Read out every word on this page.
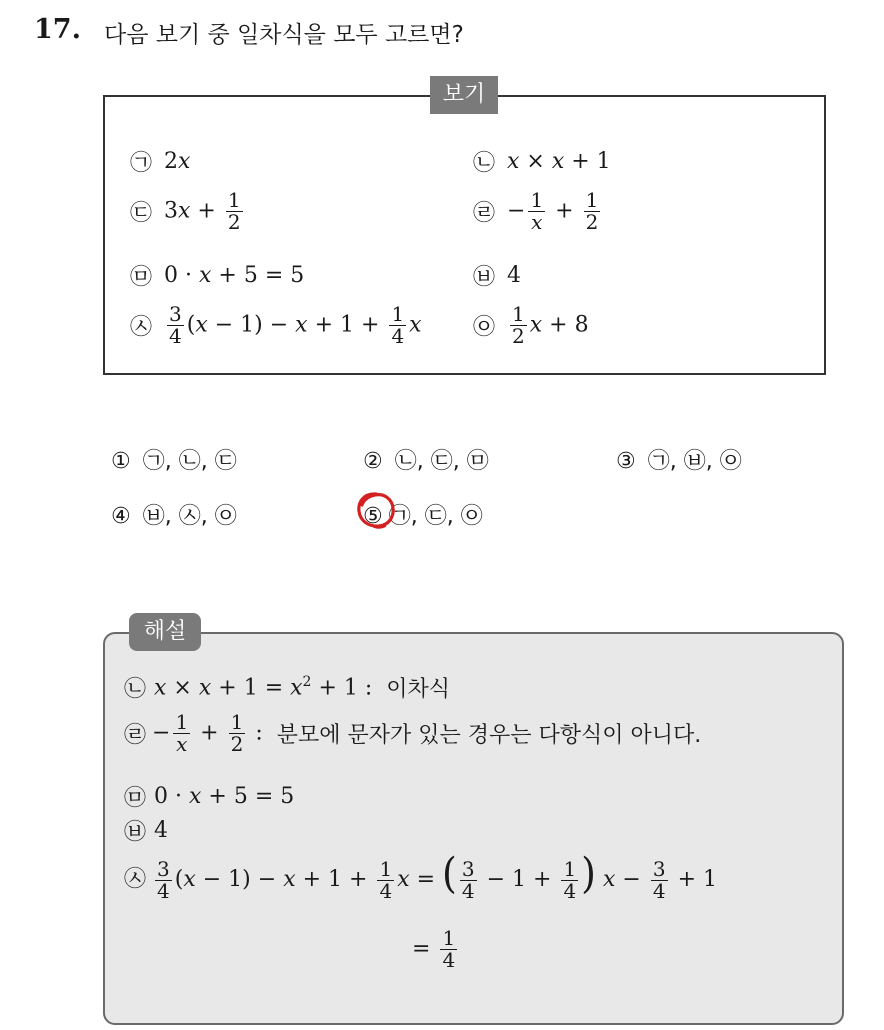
17. 다음 보기 중 일차식을 모두 고르면?
보기
㉠ 2x	㉡ x × x + 1
㉢ $3x + \frac{1}{2}$	㉣ − $\frac{1}{x} + \frac{1}{2}$
㉤ 0 · x + 5 = 5	㉥ 4
㉦ $\frac{3}{4} (x - 1) - x + 1 + \frac{1}{4}$ x ㉧ $\frac{1}{2}$ x + 8
① ㉠, ㉡, ㉢	② ㉡, ㉢, ㉤	③ ㉠, ㉥, ㉧
④ ㉥, ㉦, ㉧	⑤ ㉠, ㉢, ㉧
해설
㉡ $x \times x + 1 = x^2 + 1$ : 이차식
㉣ − $\frac{1}{x} + \frac{1}{2}$ : 분모에 문자가 있는 경우는 다항식이 아니다.
㉤ 0 · x + 5 = 5
㉥ 4
㉦ $\frac{3}{4} (x - 1) - x + 1 + \frac{1}{4}$ x = ( $\frac{3}{4} - 1 + \frac{1}{4}$ ) $x - \frac{3}{4} + 1$
= $\frac{1}{4}$
